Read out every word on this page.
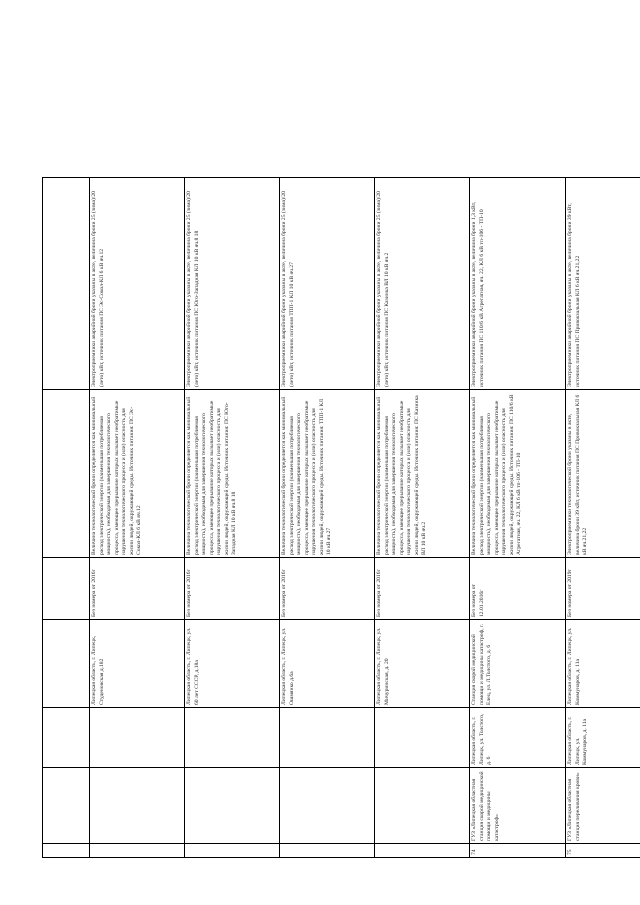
			Липецкая область, г. Липецк, Студеновская д.182	Без номера от 2016г	Величина технологической брони определяется как минимальный расход электрической энергии (наименьшая потребляемая мощность), необходимая для завершения технологического процесса, имеющее прерывание которых вызывает необратимые нарушения технологического процесса и (или) опасность для жизни людей, окружающей среды. Источник питания: ПС Эс-Сокол-КЛ 6 кВ яч.12	Электроприемники аварийной брони указаны в акте, величина брони 25 (зима)/20 (лето) кВт, источник питания ПС Эс-Сокол-КЛ 6 кВ яч.12
			Липецкая область, г. Липецк, ул. 60 лет СССР, д.18а	Без номера от 2016г	Величина технологической брони определяется как минимальный расход электрической энергии (наименьшая потребляемая мощность), необходимая для завершения технологического процесса, имеющее прерывание которых вызывает необратимые нарушения технологического процесса и (или) опасность для жизни людей, окружающей среды. Источник питания: ПС Юго-Западная КЛ 10 кВ яч.8 18	Электроприемники аварийной брони указаны в акте, величина брони 25 (зима)/20 (лето) кВт, источник питания ПС Юго-Западная КЛ 10 кВ яч.8 18
			Липецкая область, г. Липецк, ул. Ошмянко д.6а	Без номера от 2016г	Величина технологической брони определяется как минимальный расход электрической энергии (наименьшая потребляемая мощность), необходимая для завершения технологического процесса, имеющее прерывание которых вызывает необратимые нарушения технологического процесса и (или) опасность для жизни людей, окружающей среды. Источник питания: ТПП-1 КЛ 10 кВ яч.27	Электроприемники аварийной брони указаны в акте, величина брони 25 (зима)/20 (лето) кВт, источник питания ТПП-1 КЛ 10 кВ яч.27
			Липецкая область, г. Липецк, ул. Мичуринская, д. 20	Без номера от 2016г	Величина технологической брони определяется как минимальный расход электрической энергии (наименьшая потребляемая мощность), необходимая для завершения технологического процесса, имеющее прерывание которых вызывает необратимые нарушения технологического процесса и (или) опасность для жизни людей, окружающей среды. Источник питания: ПС Казинка ВЛ 10 кВ яч.2	Электроприемники аварийной брони указаны в акте, величина брони 25 (зима)/20 (лето) кВт, источник питания ПС Казинка ВЛ 10 кВ яч.2
74	ГУЗ «Липецкая областная станция скорой медицинской помощи и медицины катастроф»	Липецкая область, г. Липецк, ул. Толстого, д. 6	Станция скорой медицинской помощи и медицины катастроф, г. Елец, ул. Л.Толстого, д. 6	Без номера от 12.01.2016г	Величина технологической брони определяется как минимальный расход электрической энергии (наименьшая потребляемая мощность), необходимая для завершения технологического процесса, имеющее прерывание которых вызывает необратимые нарушения технологического процесса и (или) опасность для жизни людей, окружающей среды. Источник питания: ПС 110/6 кВ Агрегатная, яч. 22, КЛ 6 кВ тп-106 - ТП-10	Электроприемники аварийной брони указаны в акте, величина брони 1,3 кВт, источник питания ПС 110/6 кВ Агрегатная, яч. 22, КЛ 6 кВ тп-106 - ТП-10
75	ГУЗ «Липецкая областная станция переливания крови»	Липецкая область, г. Липецк, ул. Коммунаров, д. 11а	Липецкая область, г. Липецк, ул. Коммунаров, д. 11а	Без номера от 2019г	Электроприемники технологической брони указаны в акте, величина брони 39 кВт, источник питания ПС Привокзальная КЛ 6 кВ яч.21,22	Электроприемники аварийной брони указаны в акте, величина брони 39 кВт, источник питания ПС Привокзальная КЛ 6 кВ яч.21,22
